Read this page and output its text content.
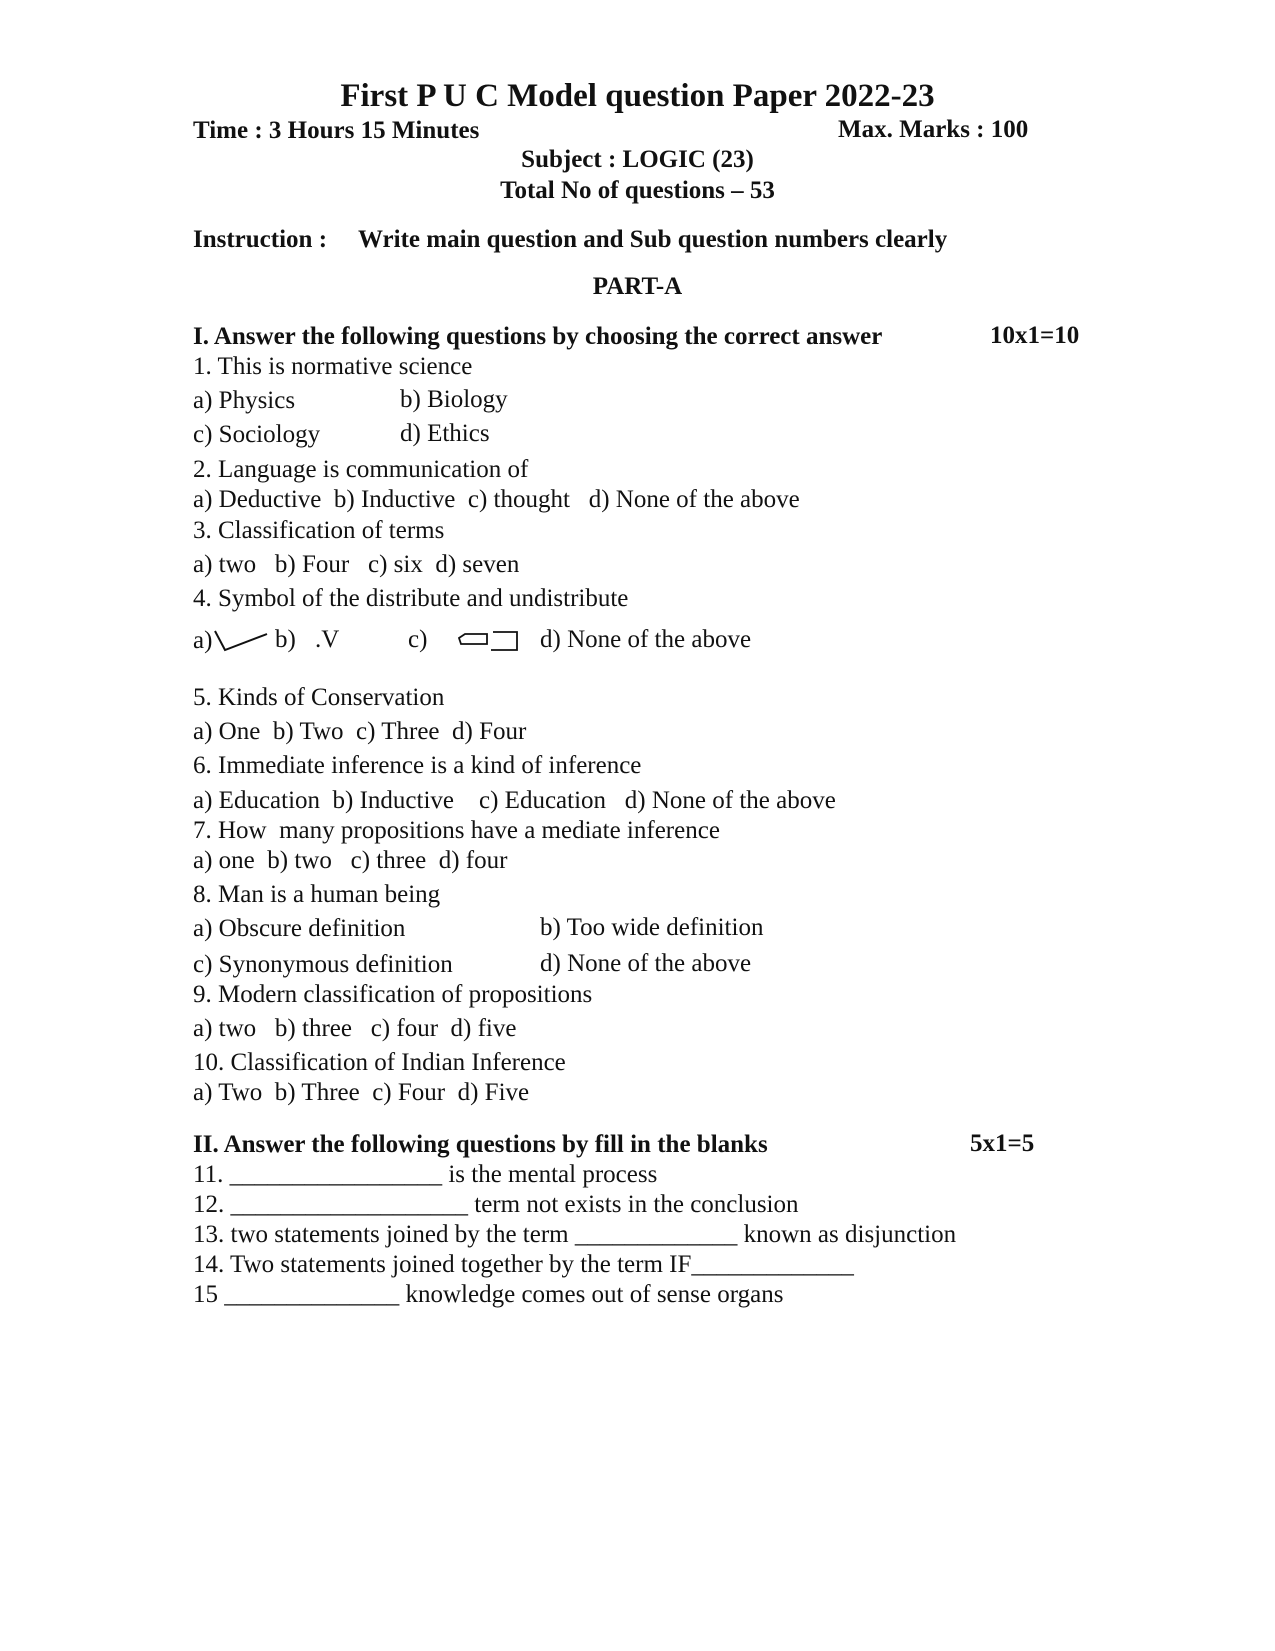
First P U C Model question Paper 2022-23
Time : 3 Hours 15 Minutes	Max. Marks : 100
Subject : LOGIC (23)
Total No of questions – 53
Instruction : Write main question and Sub question numbers clearly
PART-A
I. Answer the following questions by choosing the correct answer	10x1=10
1. This is normative science
a) Physics	b) Biology
c) Sociology	d) Ethics
2. Language is communication of
a) Deductive  b) Inductive  c) thought   d) None of the above
3. Classification of terms
a) two   b) Four   c) six  d) seven
4. Symbol of the distribute and undistribute
a)	b) .V	c)	d) None of the above
5. Kinds of Conservation
a) One  b) Two  c) Three  d) Four
6. Immediate inference is a kind of inference
a) Education  b) Inductive    c) Education   d) None of the above
7. How  many propositions have a mediate inference
a) one  b) two   c) three  d) four
8. Man is a human being
a) Obscure definition	b) Too wide definition
c) Synonymous definition	d) None of the above
9. Modern classification of propositions
a) two   b) three   c) four  d) five
10. Classification of Indian Inference
a) Two  b) Three  c) Four  d) Five
II. Answer the following questions by fill in the blanks	5x1=5
11. _________________ is the mental process
12. ___________________ term not exists in the conclusion
13. two statements joined by the term _____________ known as disjunction
14. Two statements joined together by the term IF_____________
15 ______________ knowledge comes out of sense organs
